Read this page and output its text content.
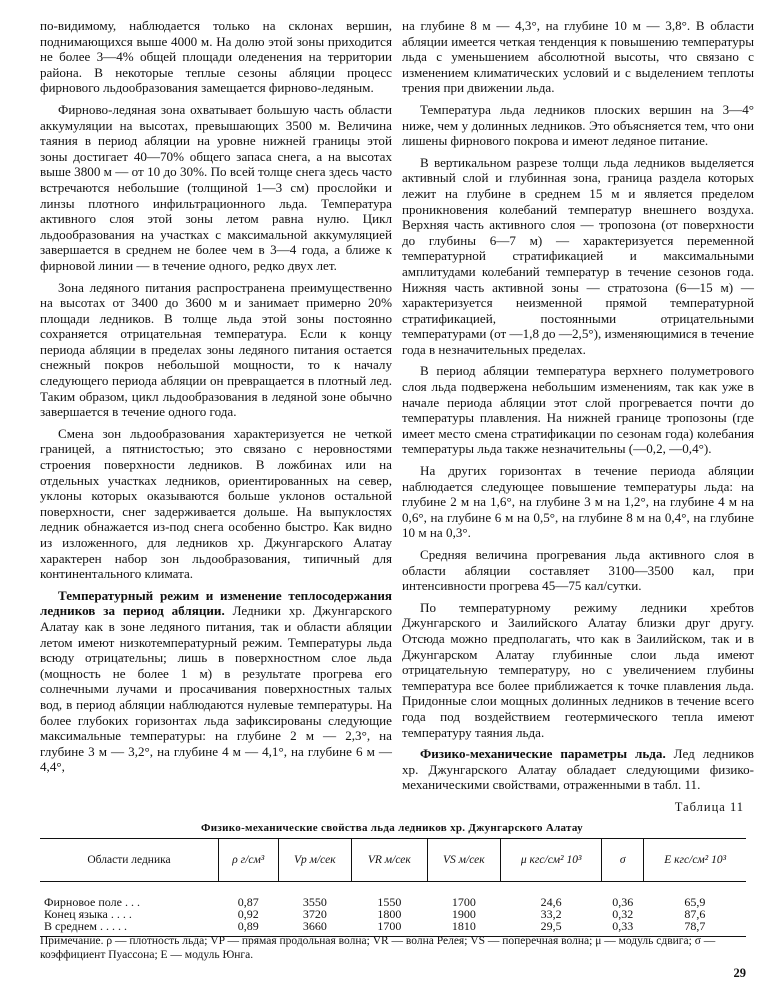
по-видимому, наблюдается только на склонах вершин, поднимающихся выше 4000 м. На долю этой зоны приходится не более 3—4% общей площади оледенения на территории района. В некоторые теплые сезоны абляции процесс фирнового льдообразования замещается фирново-ледяным.

Фирново-ледяная зона охватывает большую часть области аккумуляции на высотах, превышающих 3500 м. Величина таяния в период абляции на уровне нижней границы этой зоны достигает 40—70% общего запаса снега, а на высотах выше 3800 м — от 10 до 30%. По всей толще снега здесь часто встречаются небольшие (толщиной 1—3 см) прослойки и линзы плотного инфильтрационного льда. Температура активного слоя этой зоны летом равна нулю. Цикл льдообразования на участках с максимальной аккумуляцией завершается в среднем не более чем в 3—4 года, а ближе к фирновой линии — в течение одного, редко двух лет.

Зона ледяного питания распространена преимущественно на высотах от 3400 до 3600 м и занимает примерно 20% площади ледников. В толще льда этой зоны постоянно сохраняется отрицательная температура. Если к концу периода абляции в пределах зоны ледяного питания остается снежный покров небольшой мощности, то к началу следующего периода абляции он превращается в плотный лед. Таким образом, цикл льдообразования в ледяной зоне обычно завершается в течение одного года.

Смена зон льдообразования характеризуется не четкой границей, а пятнистостью; это связано с неровностями строения поверхности ледников. В ложбинах или на отдельных участках ледников, ориентированных на север, уклоны которых оказываются больше уклонов остальной поверхности, снег задерживается дольше. На выпуклостях ледник обнажается из-под снега особенно быстро. Как видно из изложенного, для ледников хр. Джунгарского Алатау характерен набор зон льдообразования, типичный для континентального климата.

Температурный режим и изменение теплосодержания ледников за период абляции. Ледники хр. Джунгарского Алатау как в зоне ледяного питания, так и области абляции летом имеют низкотемпературный режим. Температуры льда всюду отрицательны; лишь в поверхностном слое льда (мощность не более 1 м) в результате прогрева его солнечными лучами и просачивания поверхностных талых вод, в период абляции наблюдаются нулевые температуры. На более глубоких горизонтах льда зафиксированы следующие максимальные температуры: на глубине 2 м — 2,3°, на глубине 3 м — 3,2°, на глубине 4 м — 4,1°, на глубине 6 м — 4,4°,

на глубине 8 м — 4,3°, на глубине 10 м — 3,8°. В области абляции имеется четкая тенденция к повышению температуры льда с уменьшением абсолютной высоты, что связано с изменением климатических условий и с выделением теплоты трения при движении льда.

Температура льда ледников плоских вершин на 3—4° ниже, чем у долинных ледников. Это объясняется тем, что они лишены фирнового покрова и имеют ледяное питание.

В вертикальном разрезе толщи льда ледников выделяется активный слой и глубинная зона, граница раздела которых лежит на глубине в среднем 15 м и является пределом проникновения колебаний температур внешнего воздуха. Верхняя часть активного слоя — тропозона (от поверхности до глубины 6—7 м) — характеризуется переменной температурной стратификацией и максимальными амплитудами колебаний температур в течение сезонов года. Нижняя часть активной зоны — стратозона (6—15 м) — характеризуется неизменной прямой температурной стратификацией, постоянными отрицательными температурами (от —1,8 до —2,5°), изменяющимися в течение года в незначительных пределах.

В период абляции температура верхнего полуметрового слоя льда подвержена небольшим изменениям, так как уже в начале периода абляции этот слой прогревается почти до температуры плавления. На нижней границе тропозоны (где имеет место смена стратификации по сезонам года) колебания температуры льда также незначительны (—0,2, —0,4°).

На других горизонтах в течение периода абляции наблюдается следующее повышение температуры льда: на глубине 2 м на 1,6°, на глубине 3 м на 1,2°, на глубине 4 м на 0,6°, на глубине 6 м на 0,5°, на глубине 8 м на 0,4°, на глубине 10 м на 0,3°.

Средняя величина прогревания льда активного слоя в области абляции составляет 3100—3500 кал, при интенсивности прогрева 45—75 кал/сутки.

По температурному режиму ледники хребтов Джунгарского и Заилийского Алатау близки друг другу. Отсюда можно предполагать, что как в Заилийском, так и в Джунгарском Алатау глубинные слои льда имеют отрицательную температуру, но с увеличением глубины температура все более приближается к точке плавления льда. Придонные слои мощных долинных ледников в течение всего года под воздействием геотермического тепла имеют температуру таяния льда.

Физико-механические параметры льда. Лед ледников хр. Джунгарского Алатау обладает следующими физико-механическими свойствами, отраженными в табл. 11.

Таблица 11
Физико-механические свойства льда ледников хр. Джунгарского Алатау
Области ледника	ρ г/см³	Vp м/сек	VR м/сек	VS м/сек	μ кгс/см² 10³	σ	E кгс/см² 10³
Фирновое поле . . .	0,87	3550	1550	1700	24,6	0,36	65,9
Конец языка . . . .	0,92	3720	1800	1900	33,2	0,32	87,6
В среднем . . . . .	0,89	3660	1700	1810	29,5	0,33	78,7
Примечание. ρ — плотность льда; VP — прямая продольная волна; VR — волна Релея; VS — поперечная волна; μ — модуль сдвига; σ — коэффициент Пуассона; E — модуль Юнга.
29
